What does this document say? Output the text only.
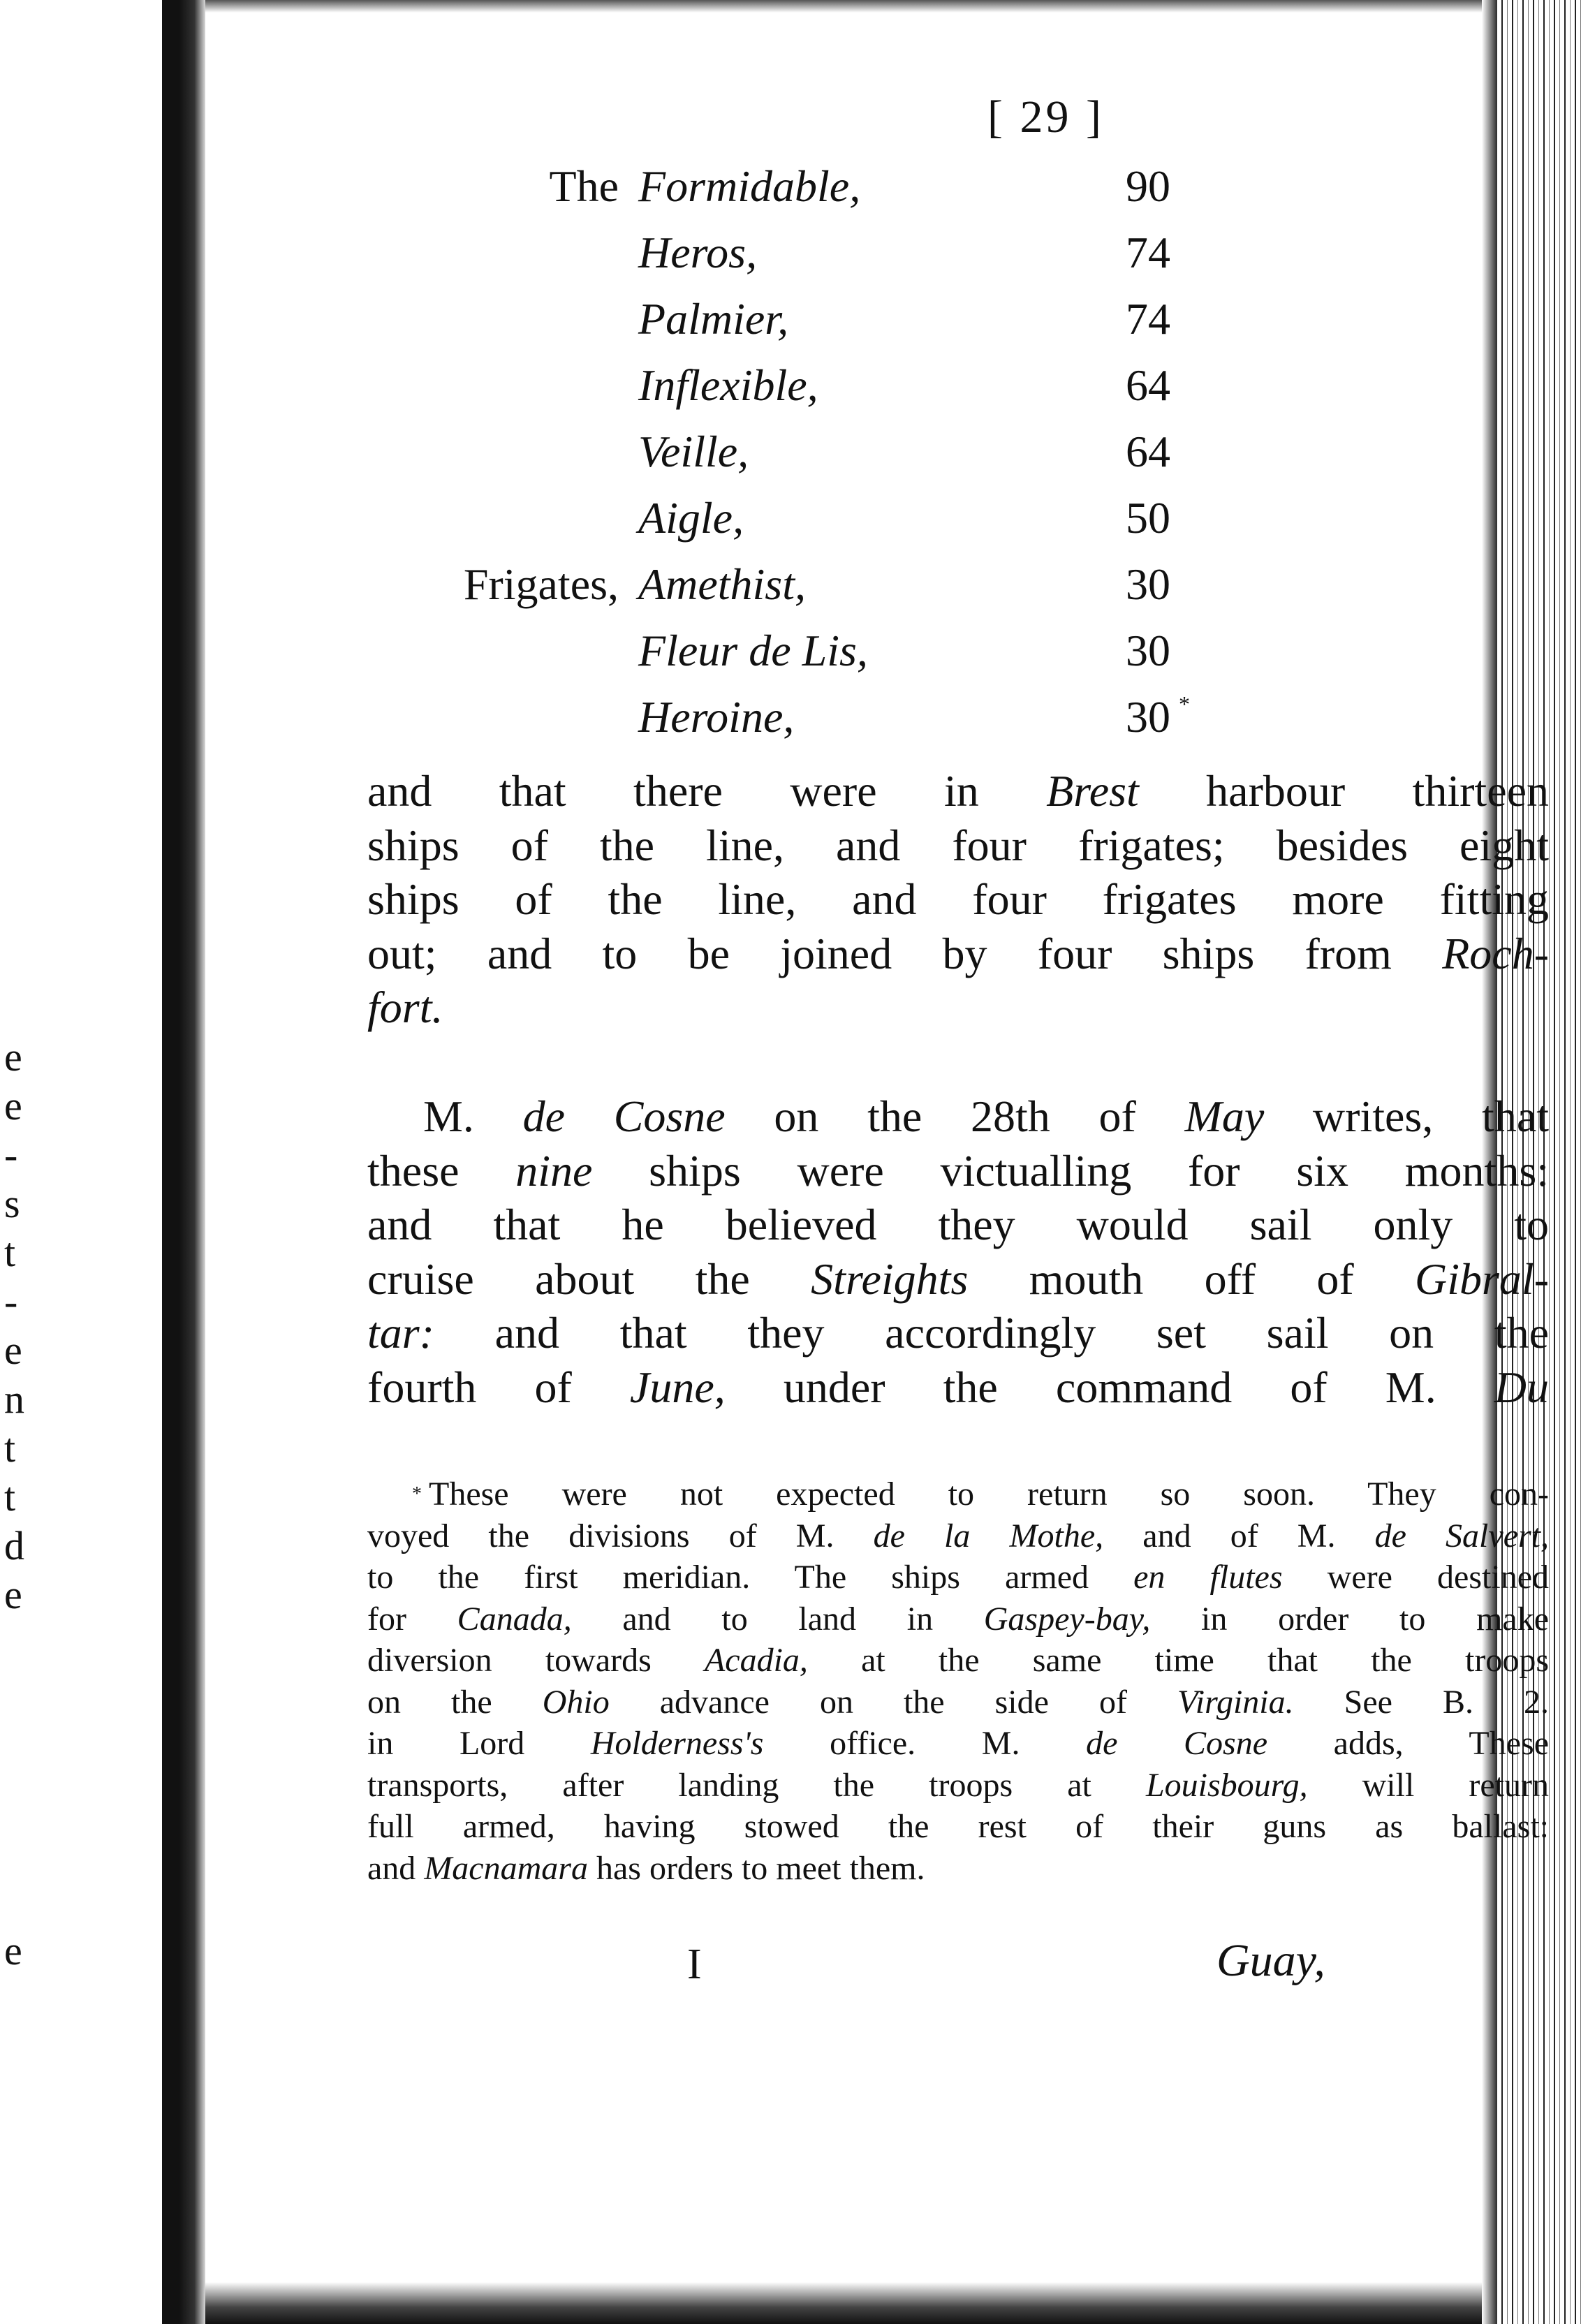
e
e
-
s
t
-
e
n
t
t
d
e
e
[ 29 ]
The Formidable,	90
Heros,	74
Palmier,	74
Inflexible,	64
Veille,	64
Aigle,	50
Frigates, Amethist,	30
Fleur de Lis,	30
Heroine,	30 *
and that there were in Brest harbour thirteen
ships of the line, and four frigates; besides eight
ships of the line, and four frigates more fitting
out; and to be joined by four ships from Roch-
fort.
M. de Cosne on the 28th of May writes, that
these nine ships were victualling for six months:
and that he believed they would sail only to
cruise about the Streights mouth off of Gibral-
tar: and that they accordingly set sail on the
fourth of June, under the command of M. Du
* These were not expected to return so soon. They con-
voyed the divisions of M. de la Mothe, and of M. de Salvert,
to the first meridian. The ships armed en flutes were destined
for Canada, and to land in Gaspey-bay, in order to make
diversion towards Acadia, at the same time that the troops
on the Ohio advance on the side of Virginia. See B. 2.
in Lord Holderness's office. M. de Cosne adds, These
transports, after landing the troops at Louisbourg, will return
full armed, having stowed the rest of their guns as ballast:
and Macnamara has orders to meet them.
I	Guay,
